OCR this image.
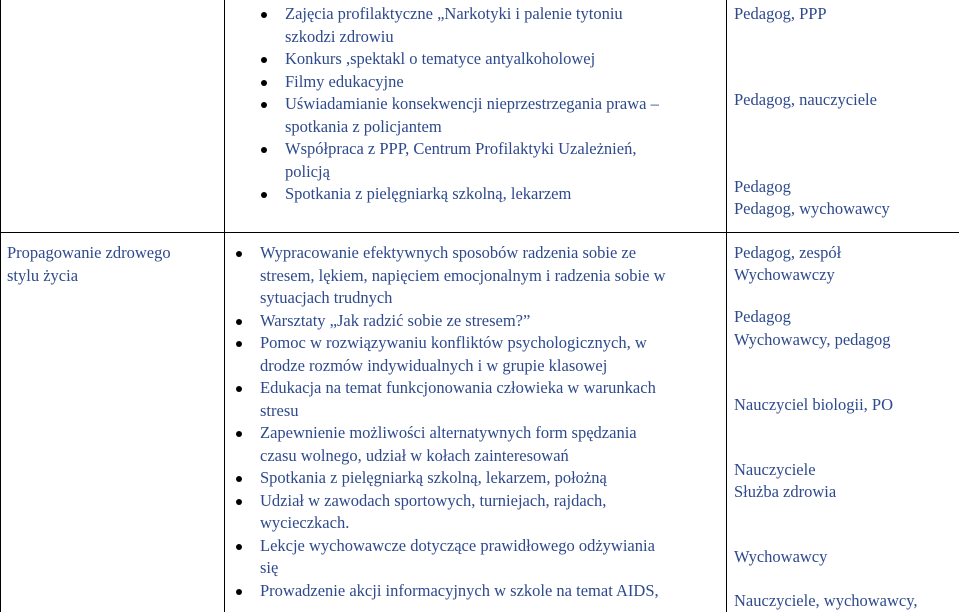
Zajęcia profilaktyczne „Narkotyki i palenie tytoniu
szkodzi zdrowiu
Konkurs ,spektakl o tematyce antyalkoholowej
Filmy edukacyjne
Uświadamianie konsekwencji nieprzestrzegania prawa –
spotkania z policjantem
Współpraca z PPP, Centrum Profilaktyki Uzależnień,
policją
Spotkania z pielęgniarką szkolną, lekarzem
Pedagog, PPP
Pedagog, nauczyciele
Pedagog
Pedagog, wychowawcy
Propagowanie zdrowego
stylu życia
Wypracowanie efektywnych sposobów radzenia sobie ze
stresem, lękiem, napięciem emocjonalnym i radzenia sobie w
sytuacjach trudnych
Warsztaty „Jak radzić sobie ze stresem?”
Pomoc w rozwiązywaniu konfliktów psychologicznych, w
drodze rozmów indywidualnych i w grupie klasowej
Edukacja na temat funkcjonowania człowieka w warunkach
stresu
Zapewnienie możliwości alternatywnych form spędzania
czasu wolnego, udział w kołach zainteresowań
Spotkania z pielęgniarką szkolną, lekarzem, położną
Udział w zawodach sportowych, turniejach, rajdach,
wycieczkach.
Lekcje wychowawcze dotyczące prawidłowego odżywiania
się
Prowadzenie akcji informacyjnych w szkole na temat AIDS,
Pedagog, zespół
Wychowawczy
Pedagog
Wychowawcy, pedagog
Nauczyciel biologii, PO
Nauczyciele
Służba zdrowia
Wychowawcy
Nauczyciele, wychowawcy,
